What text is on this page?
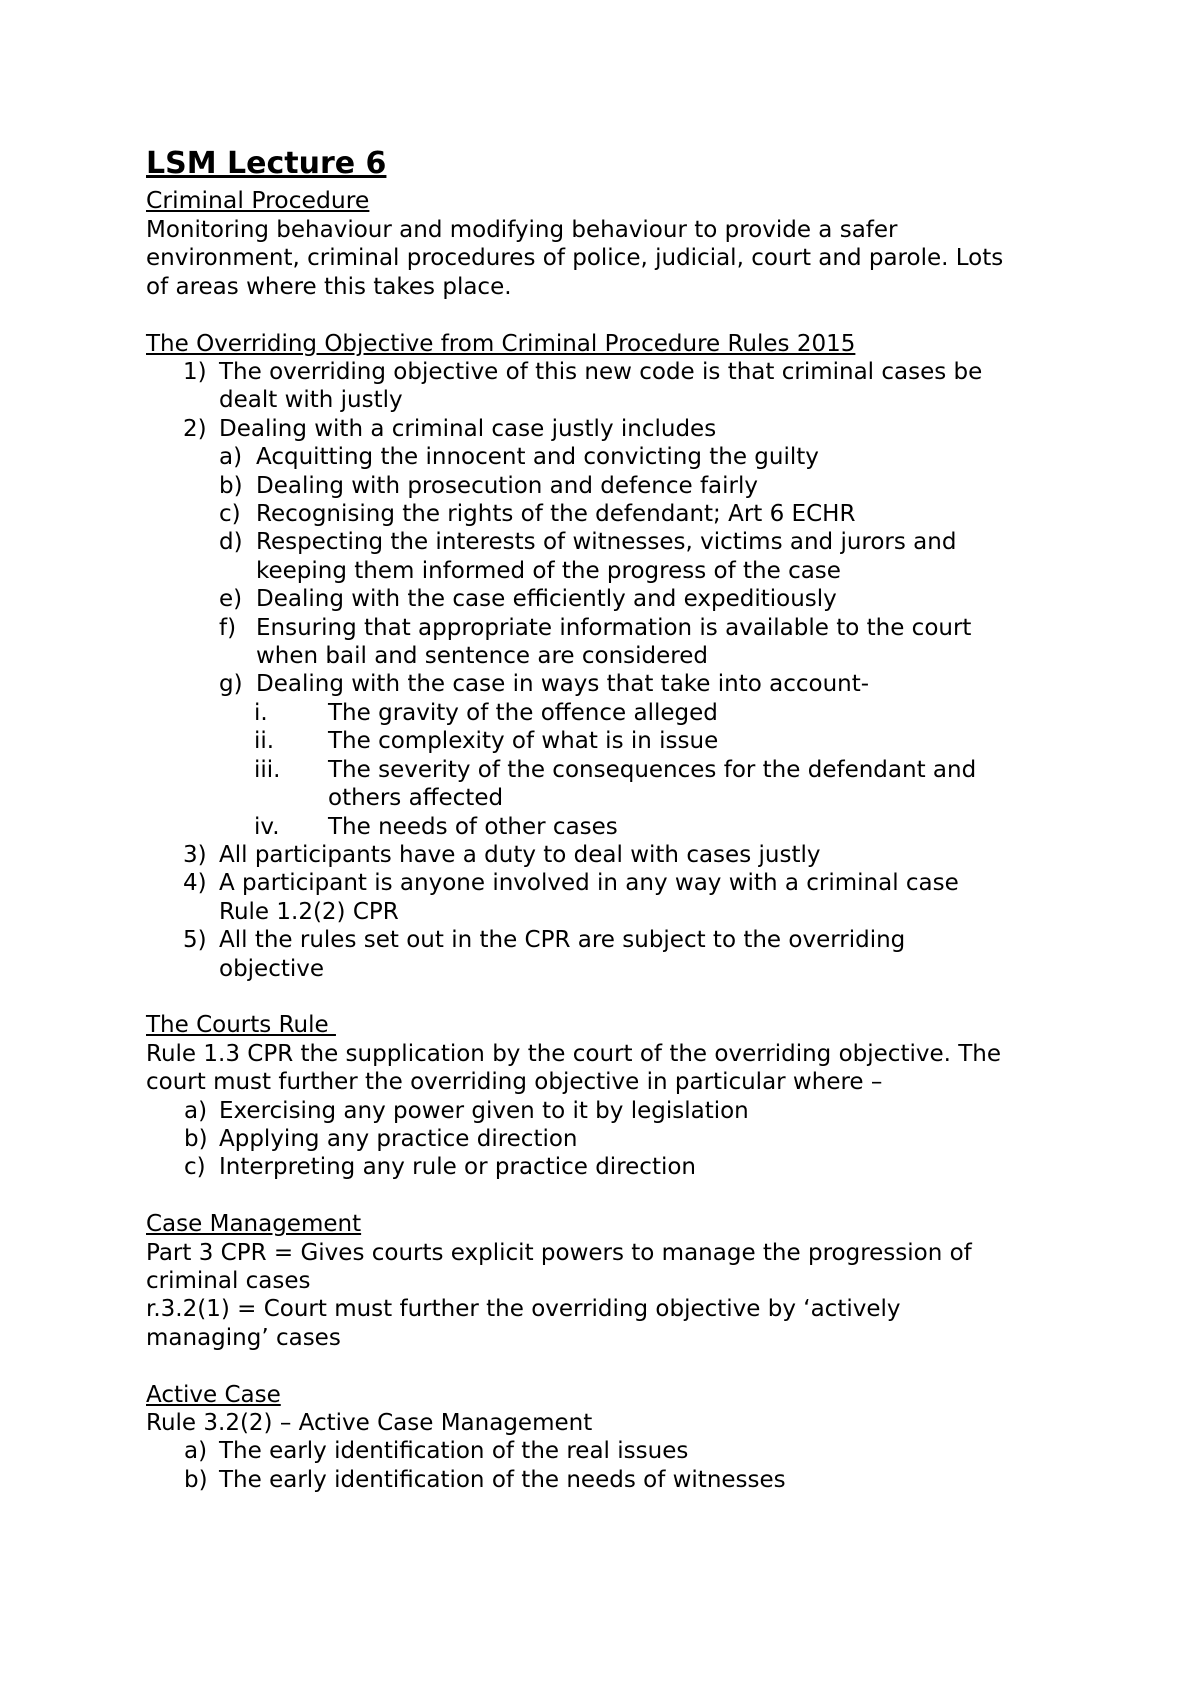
LSM Lecture 6
Criminal Procedure
Monitoring behaviour and modifying behaviour to provide a safer
environment, criminal procedures of police, judicial, court and parole. Lots
of areas where this takes place.
The Overriding Objective from Criminal Procedure Rules 2015
1) The overriding objective of this new code is that criminal cases be
dealt with justly
2) Dealing with a criminal case justly includes
a) Acquitting the innocent and convicting the guilty
b) Dealing with prosecution and defence fairly
c) Recognising the rights of the defendant; Art 6 ECHR
d) Respecting the interests of witnesses, victims and jurors and
keeping them informed of the progress of the case
e) Dealing with the case efficiently and expeditiously
f) Ensuring that appropriate information is available to the court
when bail and sentence are considered
g) Dealing with the case in ways that take into account-
i.	The gravity of the offence alleged
ii. The complexity of what is in issue
iii. The severity of the consequences for the defendant and
others affected
iv. The needs of other cases
3) All participants have a duty to deal with cases justly
4) A participant is anyone involved in any way with a criminal case
Rule 1.2(2) CPR
5) All the rules set out in the CPR are subject to the overriding
objective
The Courts Rule
Rule 1.3 CPR the supplication by the court of the overriding objective. The
court must further the overriding objective in particular where –
a) Exercising any power given to it by legislation
b) Applying any practice direction
c) Interpreting any rule or practice direction
Case Management
Part 3 CPR = Gives courts explicit powers to manage the progression of
criminal cases
r.3.2(1) = Court must further the overriding objective by ‘actively
managing’ cases
Active Case
Rule 3.2(2) – Active Case Management
a) The early identification of the real issues
b) The early identification of the needs of witnesses
